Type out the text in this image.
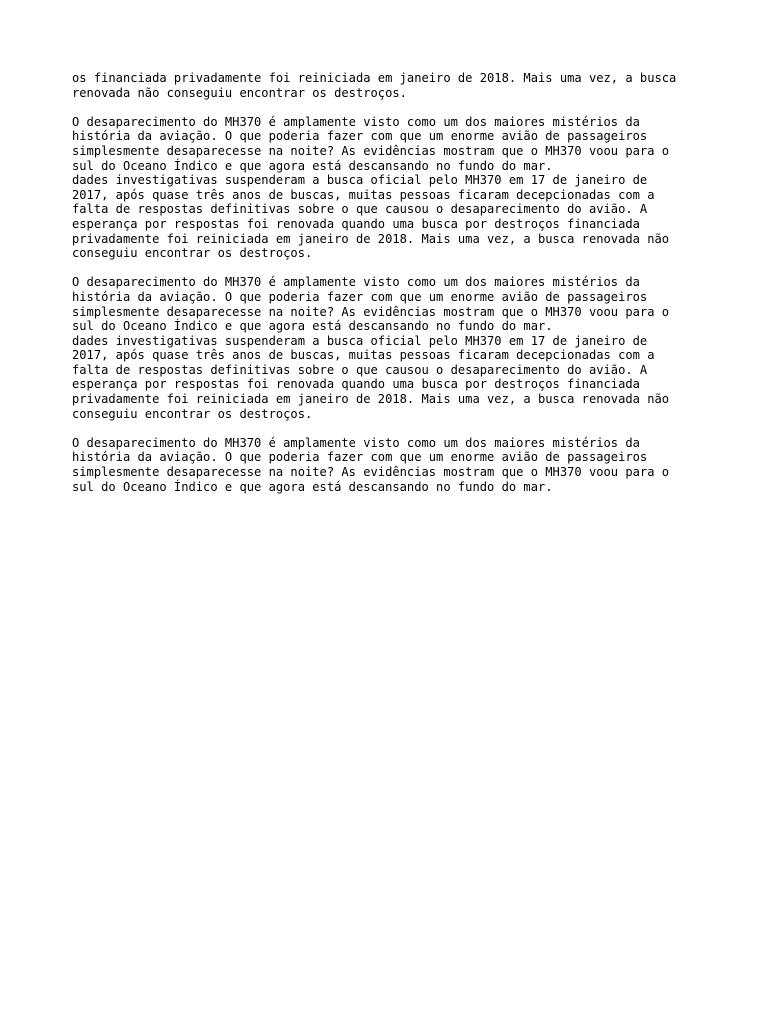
os financiada privadamente foi reiniciada em janeiro de 2018. Mais uma vez, a busca
renovada não conseguiu encontrar os destroços.

O desaparecimento do MH370 é amplamente visto como um dos maiores mistérios da
história da aviação. O que poderia fazer com que um enorme avião de passageiros
simplesmente desaparecesse na noite? As evidências mostram que o MH370 voou para o
sul do Oceano Índico e que agora está descansando no fundo do mar.
dades investigativas suspenderam a busca oficial pelo MH370 em 17 de janeiro de
2017, após quase três anos de buscas, muitas pessoas ficaram decepcionadas com a
falta de respostas definitivas sobre o que causou o desaparecimento do avião. A
esperança por respostas foi renovada quando uma busca por destroços financiada
privadamente foi reiniciada em janeiro de 2018. Mais uma vez, a busca renovada não
conseguiu encontrar os destroços.

O desaparecimento do MH370 é amplamente visto como um dos maiores mistérios da
história da aviação. O que poderia fazer com que um enorme avião de passageiros
simplesmente desaparecesse na noite? As evidências mostram que o MH370 voou para o
sul do Oceano Índico e que agora está descansando no fundo do mar.
dades investigativas suspenderam a busca oficial pelo MH370 em 17 de janeiro de
2017, após quase três anos de buscas, muitas pessoas ficaram decepcionadas com a
falta de respostas definitivas sobre o que causou o desaparecimento do avião. A
esperança por respostas foi renovada quando uma busca por destroços financiada
privadamente foi reiniciada em janeiro de 2018. Mais uma vez, a busca renovada não
conseguiu encontrar os destroços.

O desaparecimento do MH370 é amplamente visto como um dos maiores mistérios da
história da aviação. O que poderia fazer com que um enorme avião de passageiros
simplesmente desaparecesse na noite? As evidências mostram que o MH370 voou para o
sul do Oceano Índico e que agora está descansando no fundo do mar.
